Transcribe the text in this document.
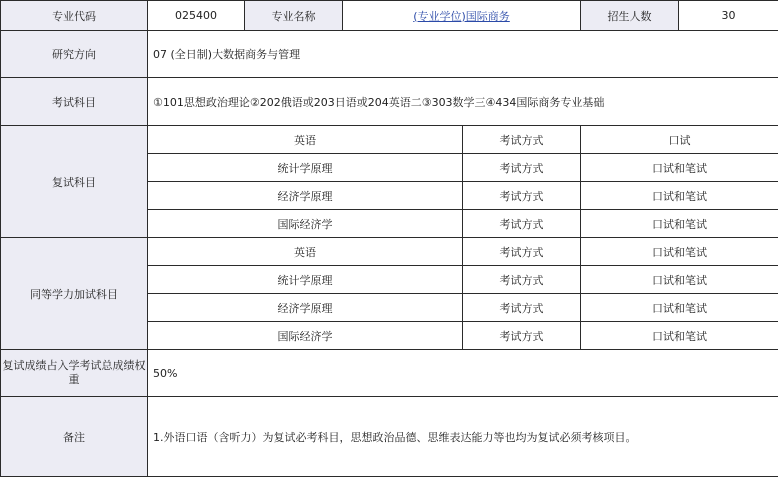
专业代码	025400	专业名称	(专业学位)国际商务		招生人数	30
研究方向	07 (全日制)大数据商务与管理					
考试科目	①101思想政治理论②202俄语或203日语或204英语二③303数学三④434国际商务专业基础					
复试科目	英语			考试方式	口试	
	统计学原理			考试方式	口试和笔试	
	经济学原理			考试方式	口试和笔试	
	国际经济学			考试方式	口试和笔试	
同等学力加试科目	英语			考试方式	口试和笔试	
	统计学原理			考试方式	口试和笔试	
	经济学原理			考试方式	口试和笔试	
	国际经济学			考试方式	口试和笔试	
复试成绩占入学考试总成绩权重	50%					
备注	1.外语口语（含听力）为复试必考科目，思想政治品德、思维表达能力等也均为复试必须考核项目。					
